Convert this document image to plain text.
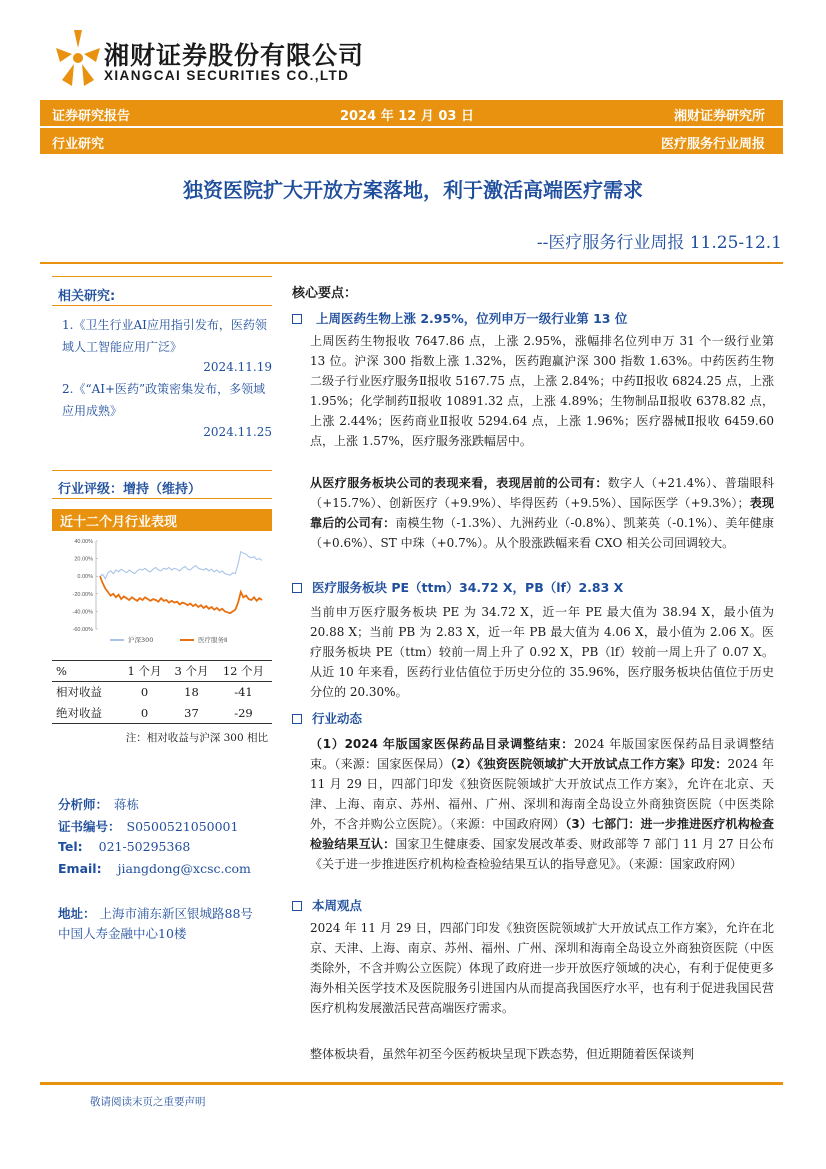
湘财证券股份有限公司
XIANGCAI SECURITIES CO.,LTD
证券研究报告	2024 年 12 月 03 日	湘财证券研究所
行业研究	医疗服务行业周报
独资医院扩大开放方案落地，利于激活高端医疗需求
--医疗服务行业周报 11.25-12.1
相关研究:
1.《卫生行业AI应用指引发布，医药领域人工智能应用广泛》
2024.11.19
2.《“AI+医药”政策密集发布，多领域应用成熟》
2024.11.25
行业评级：增持（维持）
近十二个月行业表现
40.00%
20.00%
0.00%
-20.00%
-40.00%
-60.00%
沪深300	医疗服务Ⅱ
%	1 个月	3 个月	12 个月
相对收益	0	18	-41
绝对收益	0	37	-29
注：相对收益与沪深 300 相比
分析师： 蒋栋
证书编号： S0500521050001
Tel: 021-50295368
Email: jiangdong@xcsc.com
地址： 上海市浦东新区银城路88号
中国人寿金融中心10楼
核心要点：
上周医药生物上涨 2.95%，位列申万一级行业第 13 位
上周医药生物报收 7647.86 点，上涨 2.95%，涨幅排名位列申万 31 个一级行业第 13 位。沪深 300 指数上涨 1.32%，医药跑赢沪深 300 指数 1.63%。中药医药生物二级子行业医疗服务Ⅱ报收 5167.75 点，上涨 2.84%；中药Ⅱ报收 6824.25 点，上涨 1.95%；化学制药Ⅱ报收 10891.32 点，上涨 4.89%；生物制品Ⅱ报收 6378.82 点，上涨 2.44%；医药商业Ⅱ报收 5294.64 点，上涨 1.96%；医疗器械Ⅱ报收 6459.60 点，上涨 1.57%，医疗服务涨跌幅居中。
从医疗服务板块公司的表现来看，表现居前的公司有：数字人（+21.4%）、普瑞眼科（+15.7%）、创新医疗（+9.9%）、毕得医药（+9.5%）、国际医学（+9.3%）；表现靠后的公司有：南模生物（-1.3%）、九洲药业（-0.8%）、凯莱英（-0.1%）、美年健康（+0.6%）、ST 中珠（+0.7%）。从个股涨跌幅来看 CXO 相关公司回调较大。
医疗服务板块 PE（ttm）34.72 X，PB（lf）2.83 X
当前申万医疗服务板块 PE 为 34.72 X，近一年 PE 最大值为 38.94 X，最小值为 20.88 X；当前 PB 为 2.83 X，近一年 PB 最大值为 4.06 X，最小值为 2.06 X。医疗服务板块 PE（ttm）较前一周上升了 0.92 X，PB（lf）较前一周上升了 0.07 X。从近 10 年来看，医药行业估值位于历史分位的 35.96%，医疗服务板块估值位于历史分位的 20.30%。
行业动态
（1）2024 年版国家医保药品目录调整结束：2024 年版国家医保药品目录调整结束。（来源：国家医保局）（2）《独资医院领域扩大开放试点工作方案》印发：2024 年 11 月 29 日，四部门印发《独资医院领域扩大开放试点工作方案》，允许在北京、天津、上海、南京、苏州、福州、广州、深圳和海南全岛设立外商独资医院（中医类除外，不含并购公立医院）。（来源：中国政府网）（3）七部门：进一步推进医疗机构检查检验结果互认：国家卫生健康委、国家发展改革委、财政部等 7 部门 11 月 27 日公布《关于进一步推进医疗机构检查检验结果互认的指导意见》。（来源：国家政府网）
本周观点
2024 年 11 月 29 日，四部门印发《独资医院领域扩大开放试点工作方案》，允许在北京、天津、上海、南京、苏州、福州、广州、深圳和海南全岛设立外商独资医院（中医类除外，不含并购公立医院）体现了政府进一步开放医疗领域的决心，有利于促使更多海外相关医学技术及医院服务引进国内从而提高我国医疗水平，也有利于促进我国民营医疗机构发展激活民营高端医疗需求。
整体板块看，虽然年初至今医药板块呈现下跌态势，但近期随着医保谈判
敬请阅读末页之重要声明
